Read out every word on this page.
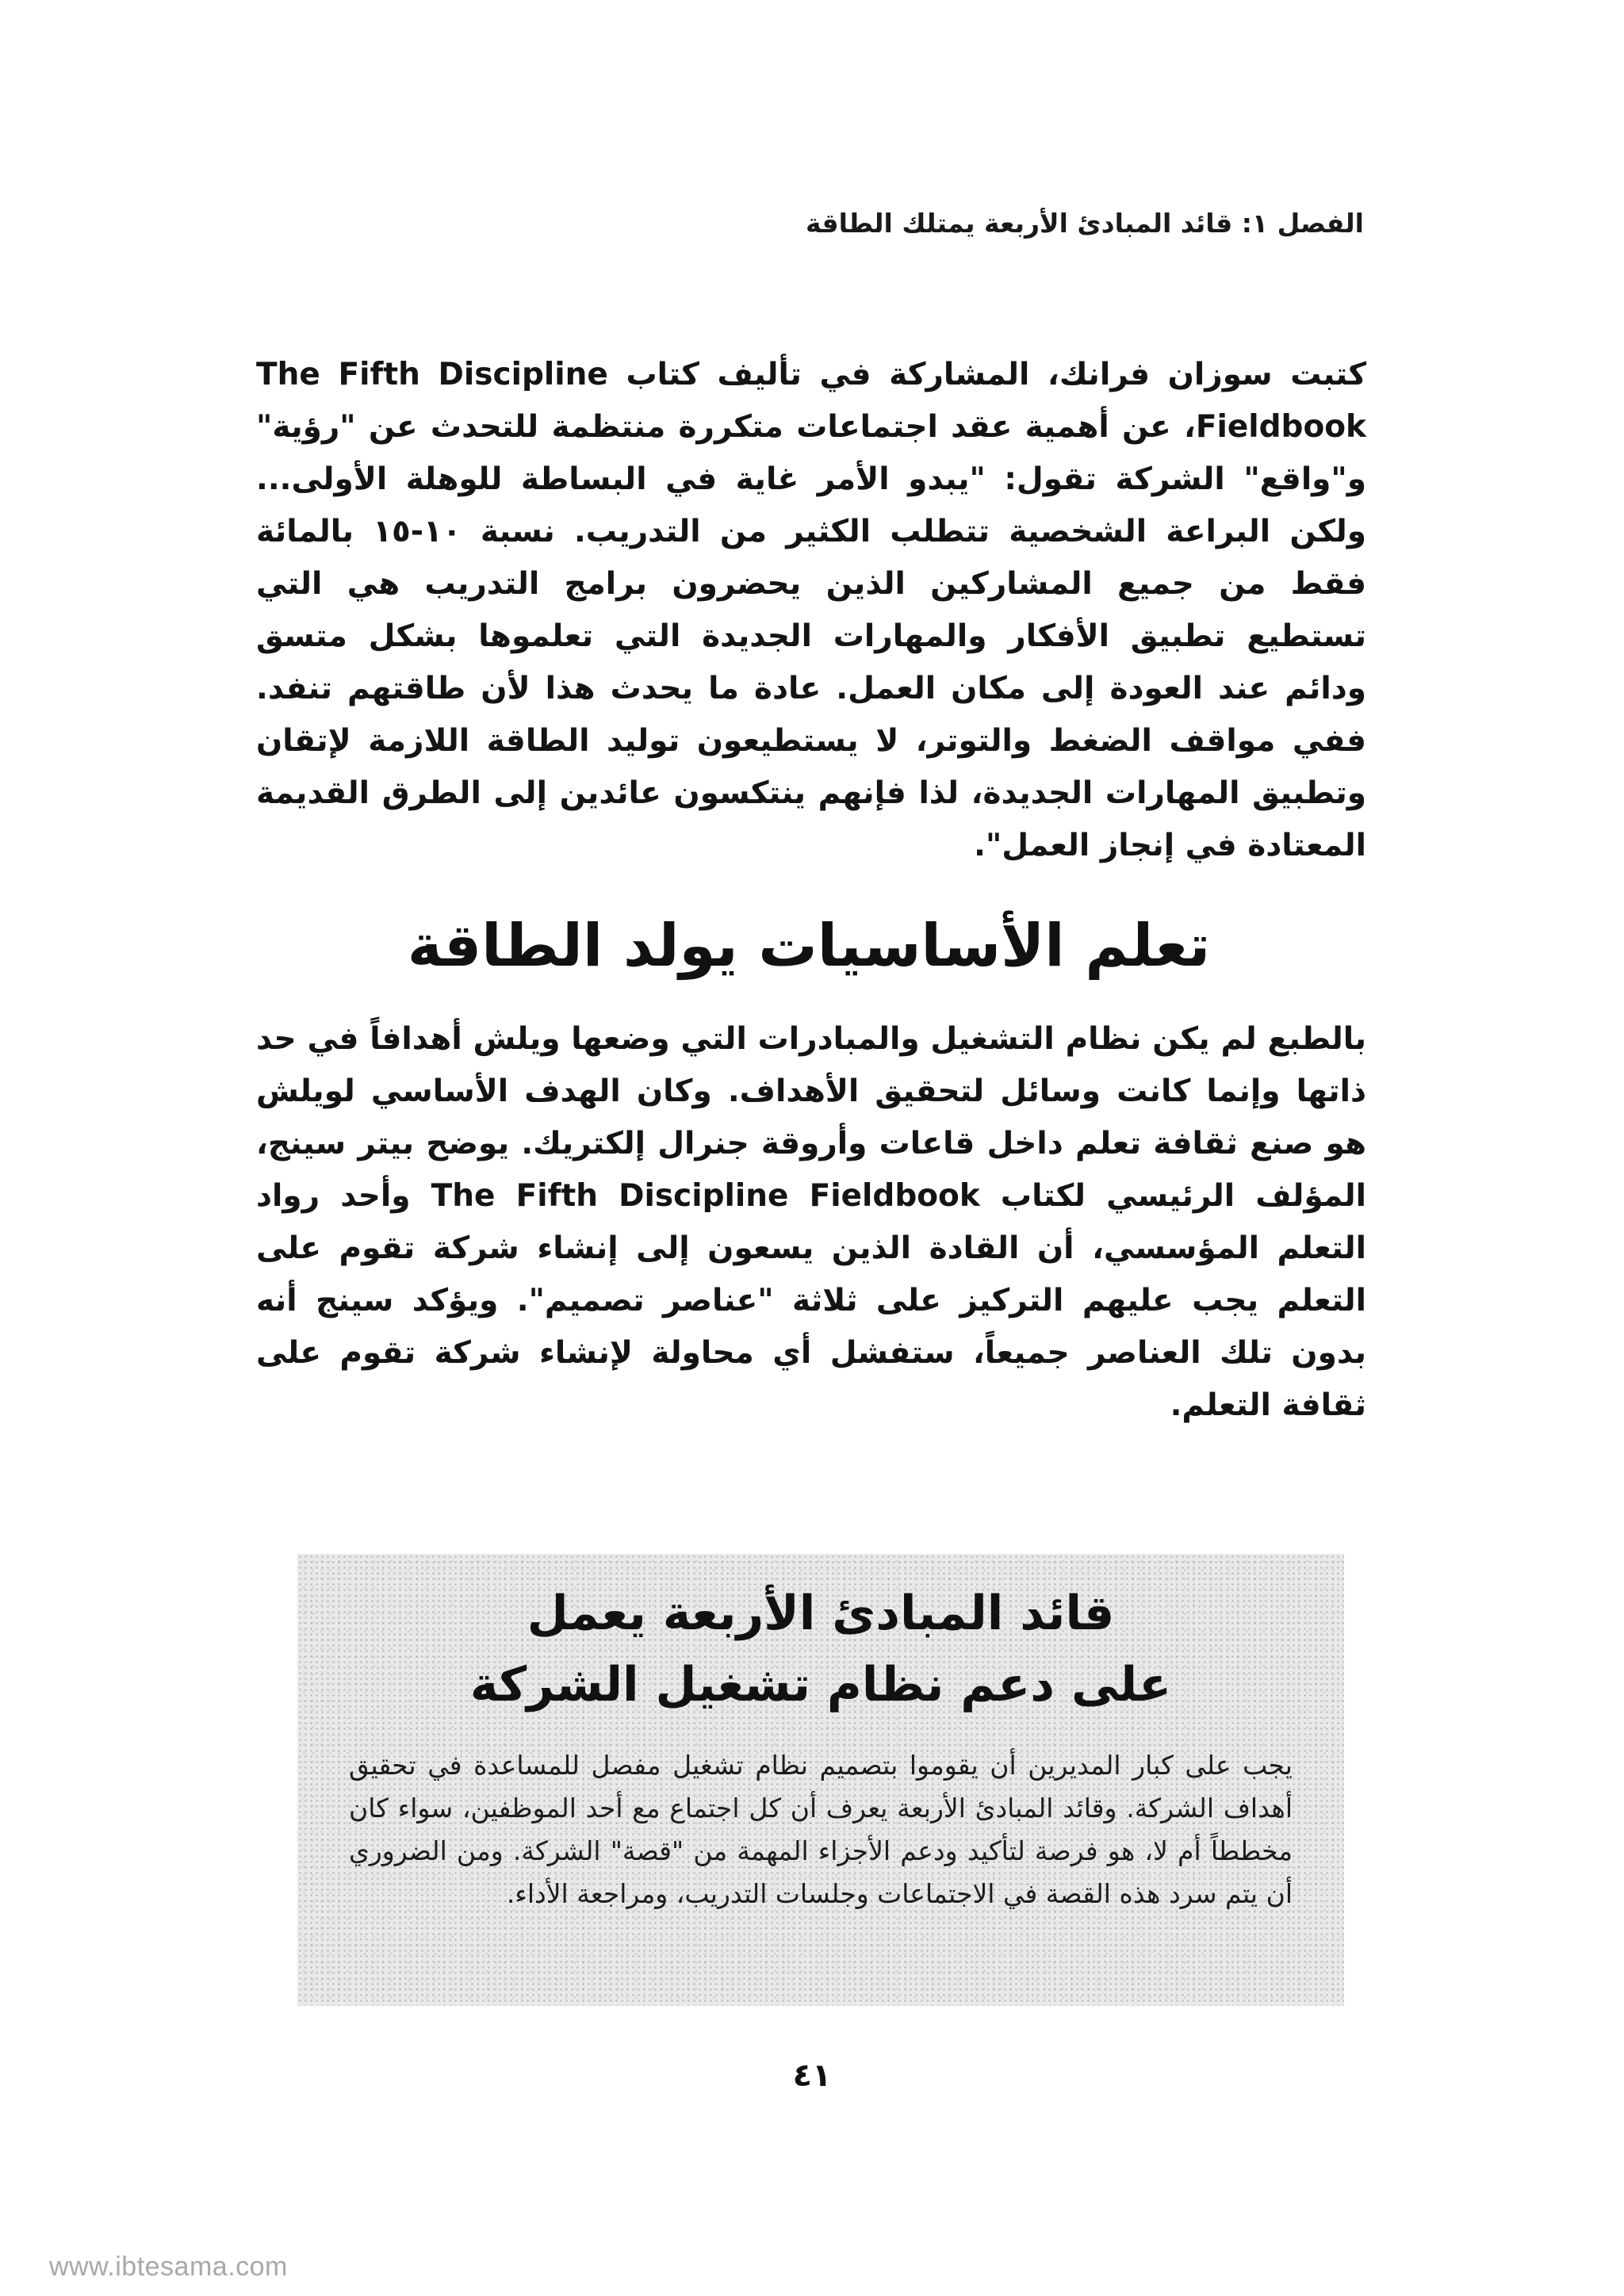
الفصل ١: قائد المبادئ الأربعة يمتلك الطاقة

كتبت سوزان فرانك، المشاركة في تأليف كتاب The Fifth Discipline Fieldbook، عن أهمية عقد اجتماعات متكررة منتظمة للتحدث عن "رؤية" و"واقع" الشركة تقول: "يبدو الأمر غاية في البساطة للوهلة الأولى... ولكن البراعة الشخصية تتطلب الكثير من التدريب. نسبة ١٠-١٥ بالمائة فقط من جميع المشاركين الذين يحضرون برامج التدريب هي التي تستطيع تطبيق الأفكار والمهارات الجديدة التي تعلموها بشكل متسق ودائم عند العودة إلى مكان العمل. عادة ما يحدث هذا لأن طاقتهم تنفد. ففي مواقف الضغط والتوتر، لا يستطيعون توليد الطاقة اللازمة لإتقان وتطبيق المهارات الجديدة، لذا فإنهم ينتكسون عائدين إلى الطرق القديمة المعتادة في إنجاز العمل".

تعلم الأساسيات يولد الطاقة

بالطبع لم يكن نظام التشغيل والمبادرات التي وضعها ويلش أهدافاً في حد ذاتها وإنما كانت وسائل لتحقيق الأهداف. وكان الهدف الأساسي لويلش هو صنع ثقافة تعلم داخل قاعات وأروقة جنرال إلكتريك. يوضح بيتر سينج، المؤلف الرئيسي لكتاب The Fifth Discipline Fieldbook وأحد رواد التعلم المؤسسي، أن القادة الذين يسعون إلى إنشاء شركة تقوم على التعلم يجب عليهم التركيز على ثلاثة "عناصر تصميم". ويؤكد سينج أنه بدون تلك العناصر جميعاً، ستفشل أي محاولة لإنشاء شركة تقوم على ثقافة التعلم.

قائد المبادئ الأربعة يعمل
على دعم نظام تشغيل الشركة

يجب على كبار المديرين أن يقوموا بتصميم نظام تشغيل مفصل للمساعدة في تحقيق أهداف الشركة. وقائد المبادئ الأربعة يعرف أن كل اجتماع مع أحد الموظفين، سواء كان مخططاً أم لا، هو فرصة لتأكيد ودعم الأجزاء المهمة من "قصة" الشركة. ومن الضروري أن يتم سرد هذه القصة في الاجتماعات وجلسات التدريب، ومراجعة الأداء.

٤١
www.ibtesama.com
